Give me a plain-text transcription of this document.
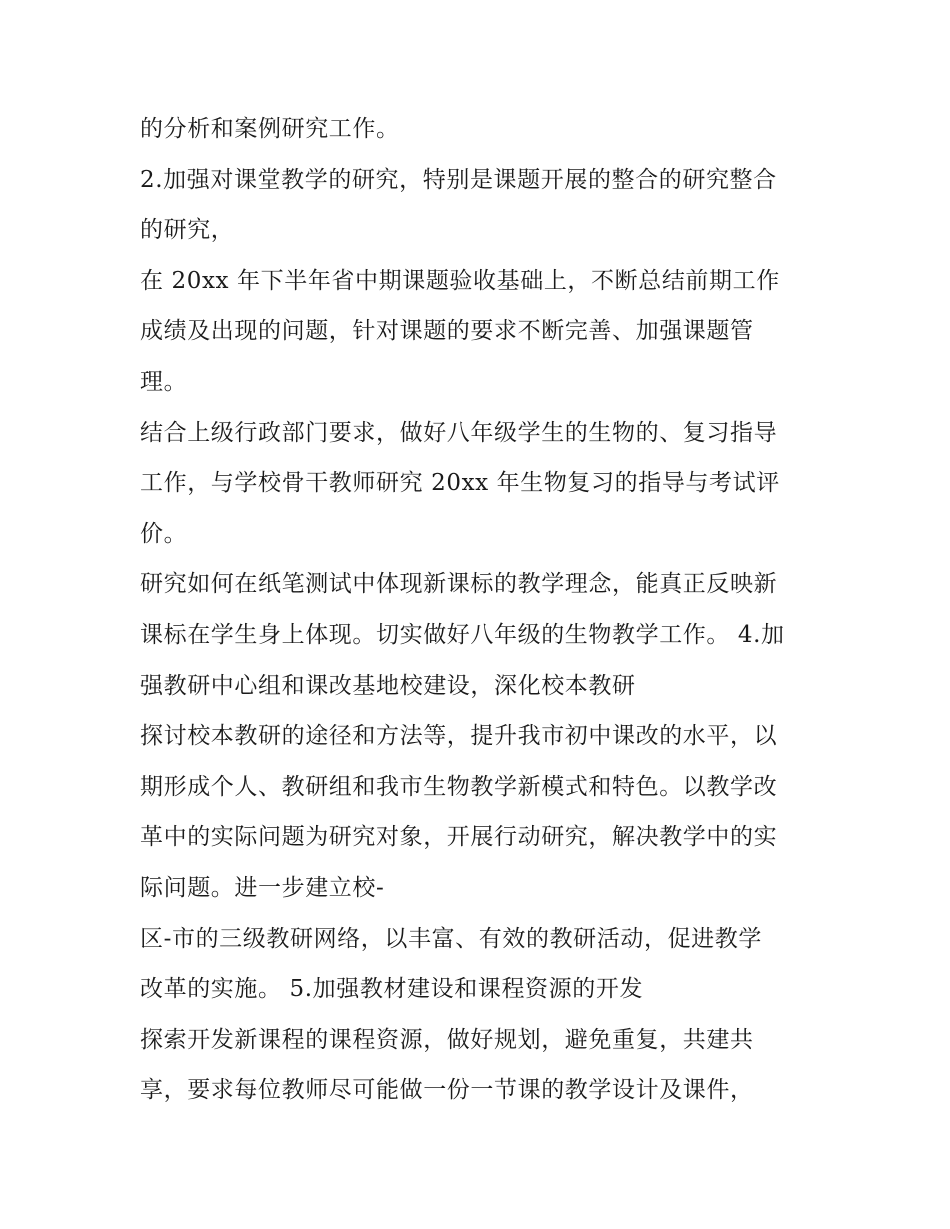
的分析和案例研究工作。
2.加强对课堂教学的研究，特别是课题开展的整合的研究整合
的研究，
在 20xx 年下半年省中期课题验收基础上，不断总结前期工作
成绩及出现的问题，针对课题的要求不断完善、加强课题管
理。
结合上级行政部门要求，做好八年级学生的生物的、复习指导
工作，与学校骨干教师研究 20xx 年生物复习的指导与考试评
价。
研究如何在纸笔测试中体现新课标的教学理念，能真正反映新
课标在学生身上体现。切实做好八年级的生物教学工作。 4.加
强教研中心组和课改基地校建设，深化校本教研
探讨校本教研的途径和方法等，提升我市初中课改的水平，以
期形成个人、教研组和我市生物教学新模式和特色。以教学改
革中的实际问题为研究对象，开展行动研究，解决教学中的实
际问题。进一步建立校-
区-市的三级教研网络，以丰富、有效的教研活动，促进教学
改革的实施。 5.加强教材建设和课程资源的开发
探索开发新课程的课程资源，做好规划，避免重复，共建共
享，要求每位教师尽可能做一份一节课的教学设计及课件，
